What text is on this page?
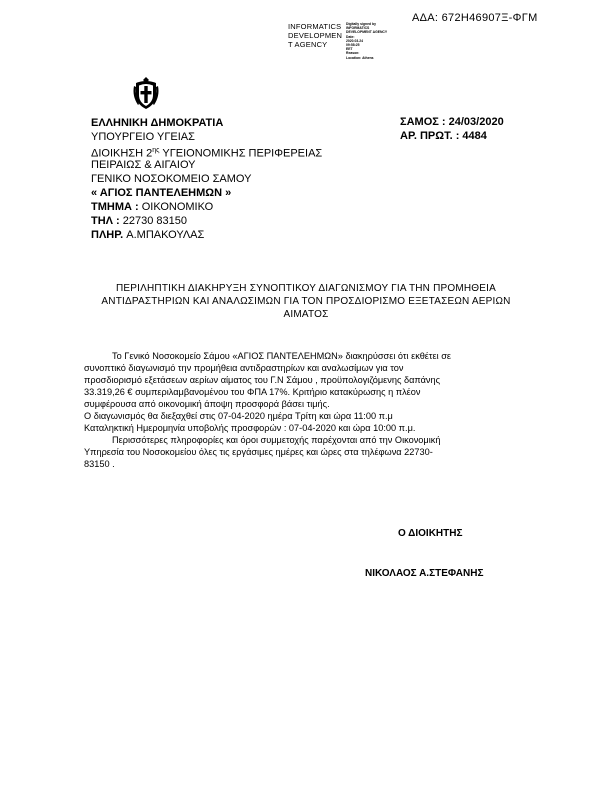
ΑΔΑ: 672Η46907Ξ-ΦΓΜ
INFORMATICS
DEVELOPMEN
T AGENCY
Digitally signed by
INFORMATICS
DEVELOPMENT AGENCY
Date:
2020.03.24
09:58:25
EET
Reason:
Location: Athens
ΕΛΛΗΝΙΚΗ ΔΗΜΟΚΡΑΤΙΑ
ΥΠΟΥΡΓΕΙΟ ΥΓΕΙΑΣ
ΔΙΟΙΚΗΣΗ $2^{\eta\varsigma}$ ΥΓΕΙΟΝΟΜΙΚΗΣ ΠΕΡΙΦΕΡΕΙΑΣ
ΠΕΙΡΑΙΩΣ & ΑΙΓΑΙΟΥ
ΓΕΝΙΚΟ ΝΟΣΟΚΟΜΕΙΟ ΣΑΜΟΥ
« ΑΓΙΟΣ ΠΑΝΤΕΛΕΗΜΩΝ »
ΤΜΗΜΑ : ΟΙΚΟΝΟΜΙΚΟ
ΤΗΛ : 22730 83150
ΠΛΗΡ. Α.ΜΠΑΚΟΥΛΑΣ
ΣΑΜΟΣ : 24/03/2020
ΑΡ. ΠΡΩΤ. : 4484
ΠΕΡΙΛΗΠΤΙΚΗ ΔΙΑΚΗΡΥΞΗ ΣΥΝΟΠΤΙΚΟΥ ΔΙΑΓΩΝΙΣΜΟΥ ΓΙΑ ΤΗΝ ΠΡΟΜΗΘΕΙΑ
ΑΝΤΙΔΡΑΣΤΗΡΙΩΝ ΚΑΙ ΑΝΑΛΩΣΙΜΩΝ ΓΙΑ ΤΟΝ ΠΡΟΣΔΙΟΡΙΣΜΟ ΕΞΕΤΑΣΕΩΝ ΑΕΡΙΩΝ
ΑΙΜΑΤΟΣ
Το Γενικό Νοσοκομείο Σάμου «ΑΓΙΟΣ ΠΑΝΤΕΛΕΗΜΩΝ» διακηρύσσει ότι εκθέτει σε
συνοπτικό διαγωνισμό την προμήθεια αντιδραστηρίων και αναλωσίμων για τον
προσδιορισμό εξετάσεων αερίων αίματος του Γ.Ν Σάμου , προϋπολογιζόμενης δαπάνης
33.319,26 € συμπεριλαμβανομένου του ΦΠΑ 17%. Κριτήριο κατακύρωσης η πλέον
συμφέρουσα από οικονομική άποψη προσφορά βάσει τιμής.
Ο διαγωνισμός θα διεξαχθεί στις 07-04-2020 ημέρα Τρίτη και ώρα 11:00 π.μ
Καταληκτική Ημερομηνία υποβολής προσφορών : 07-04-2020 και ώρα 10:00 π.μ.
Περισσότερες πληροφορίες και όροι συμμετοχής παρέχονται από την Οικονομική
Υπηρεσία του Νοσοκομείου όλες τις εργάσιμες ημέρες και ώρες στα τηλέφωνα 22730-
83150 .
Ο ΔΙΟΙΚΗΤΗΣ
ΝΙΚΟΛΑΟΣ Α.ΣΤΕΦΑΝΗΣ
